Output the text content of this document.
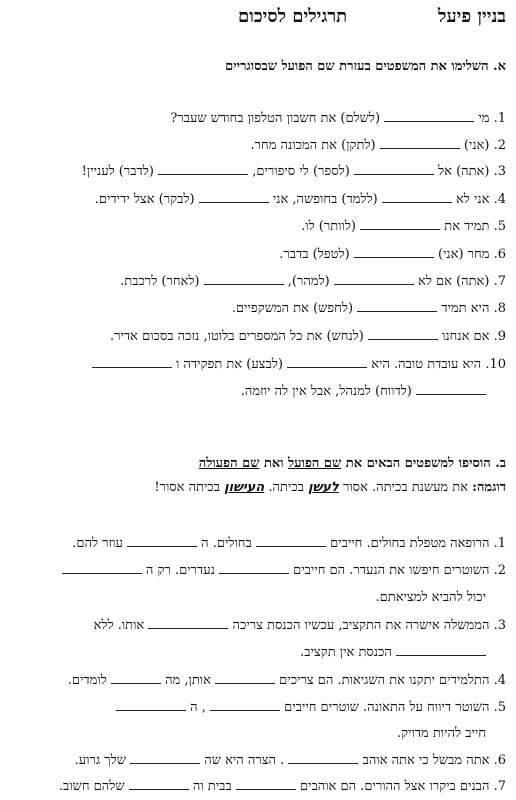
בניין פיעל
תרגילים לסיכום
א. השלימו את המשפטים בעזרת שם הפועל שבסוגריים
1. מי  (לשלם) את חשבון הטלפון בחודש שעבר?
2. (אני)  (לתקן) את המכונה מחר.
3. (אתה) אל  (לספר) לי סיפורים,  (לדבר) לעניין!
4. אני לא  (ללמד) בחופשה, אני  (לבקר) אצל ידידים.
5. תמיד את  (לוותר) לו.
6. מחר (אני)  (לטפל) בדבר.
7. (אתה) אם לא  (למהר),  (לאחר) לרכבת.
8. היא תמיד  (לחפש) את המשקפיים.
9. אם אנחנו  (לנחש) את כל המספרים בלוטו, נזכה בסכום אדיר.
10. היא עובדת טובה. היא  (לבצע) את תפקידה ו
(לדווח) למנהל, אבל אין לה יוזמה.
ב. הוסיפו למשפטים הבאים את שם הפועל ואת שם הפעולה
דוגמה: את מעשנת בכיתה. אסור לעשן בכיתה. העישון בכיתה אסור!
1. הרופאה מטפלת בחולים. חייבים  בחולים. ה  עוזר להם.
2. השוטרים חיפשו את הנעדר. הם חייבים  נעדרים. רק ה
יכול להביא למציאתם.
3. הממשלה אישרה את התקציב, עכשיו הכנסת צריכה  אותו. ללא
הכנסת אין תקציב.
4. התלמידים יתקנו את השגיאות. הם צריכים  אותן, מה  לומדים.
5. השוטר דיווח על התאונה. שוטרים חייבים  , ה
חייב להיות מדויק.
6. אתה מבשל כי אתה אוהב  . הצרה היא שה  שלך גרוע.
7. הבנים ביקרו אצל ההורים. הם אוהבים  בבית וה  שלהם חשוב.
